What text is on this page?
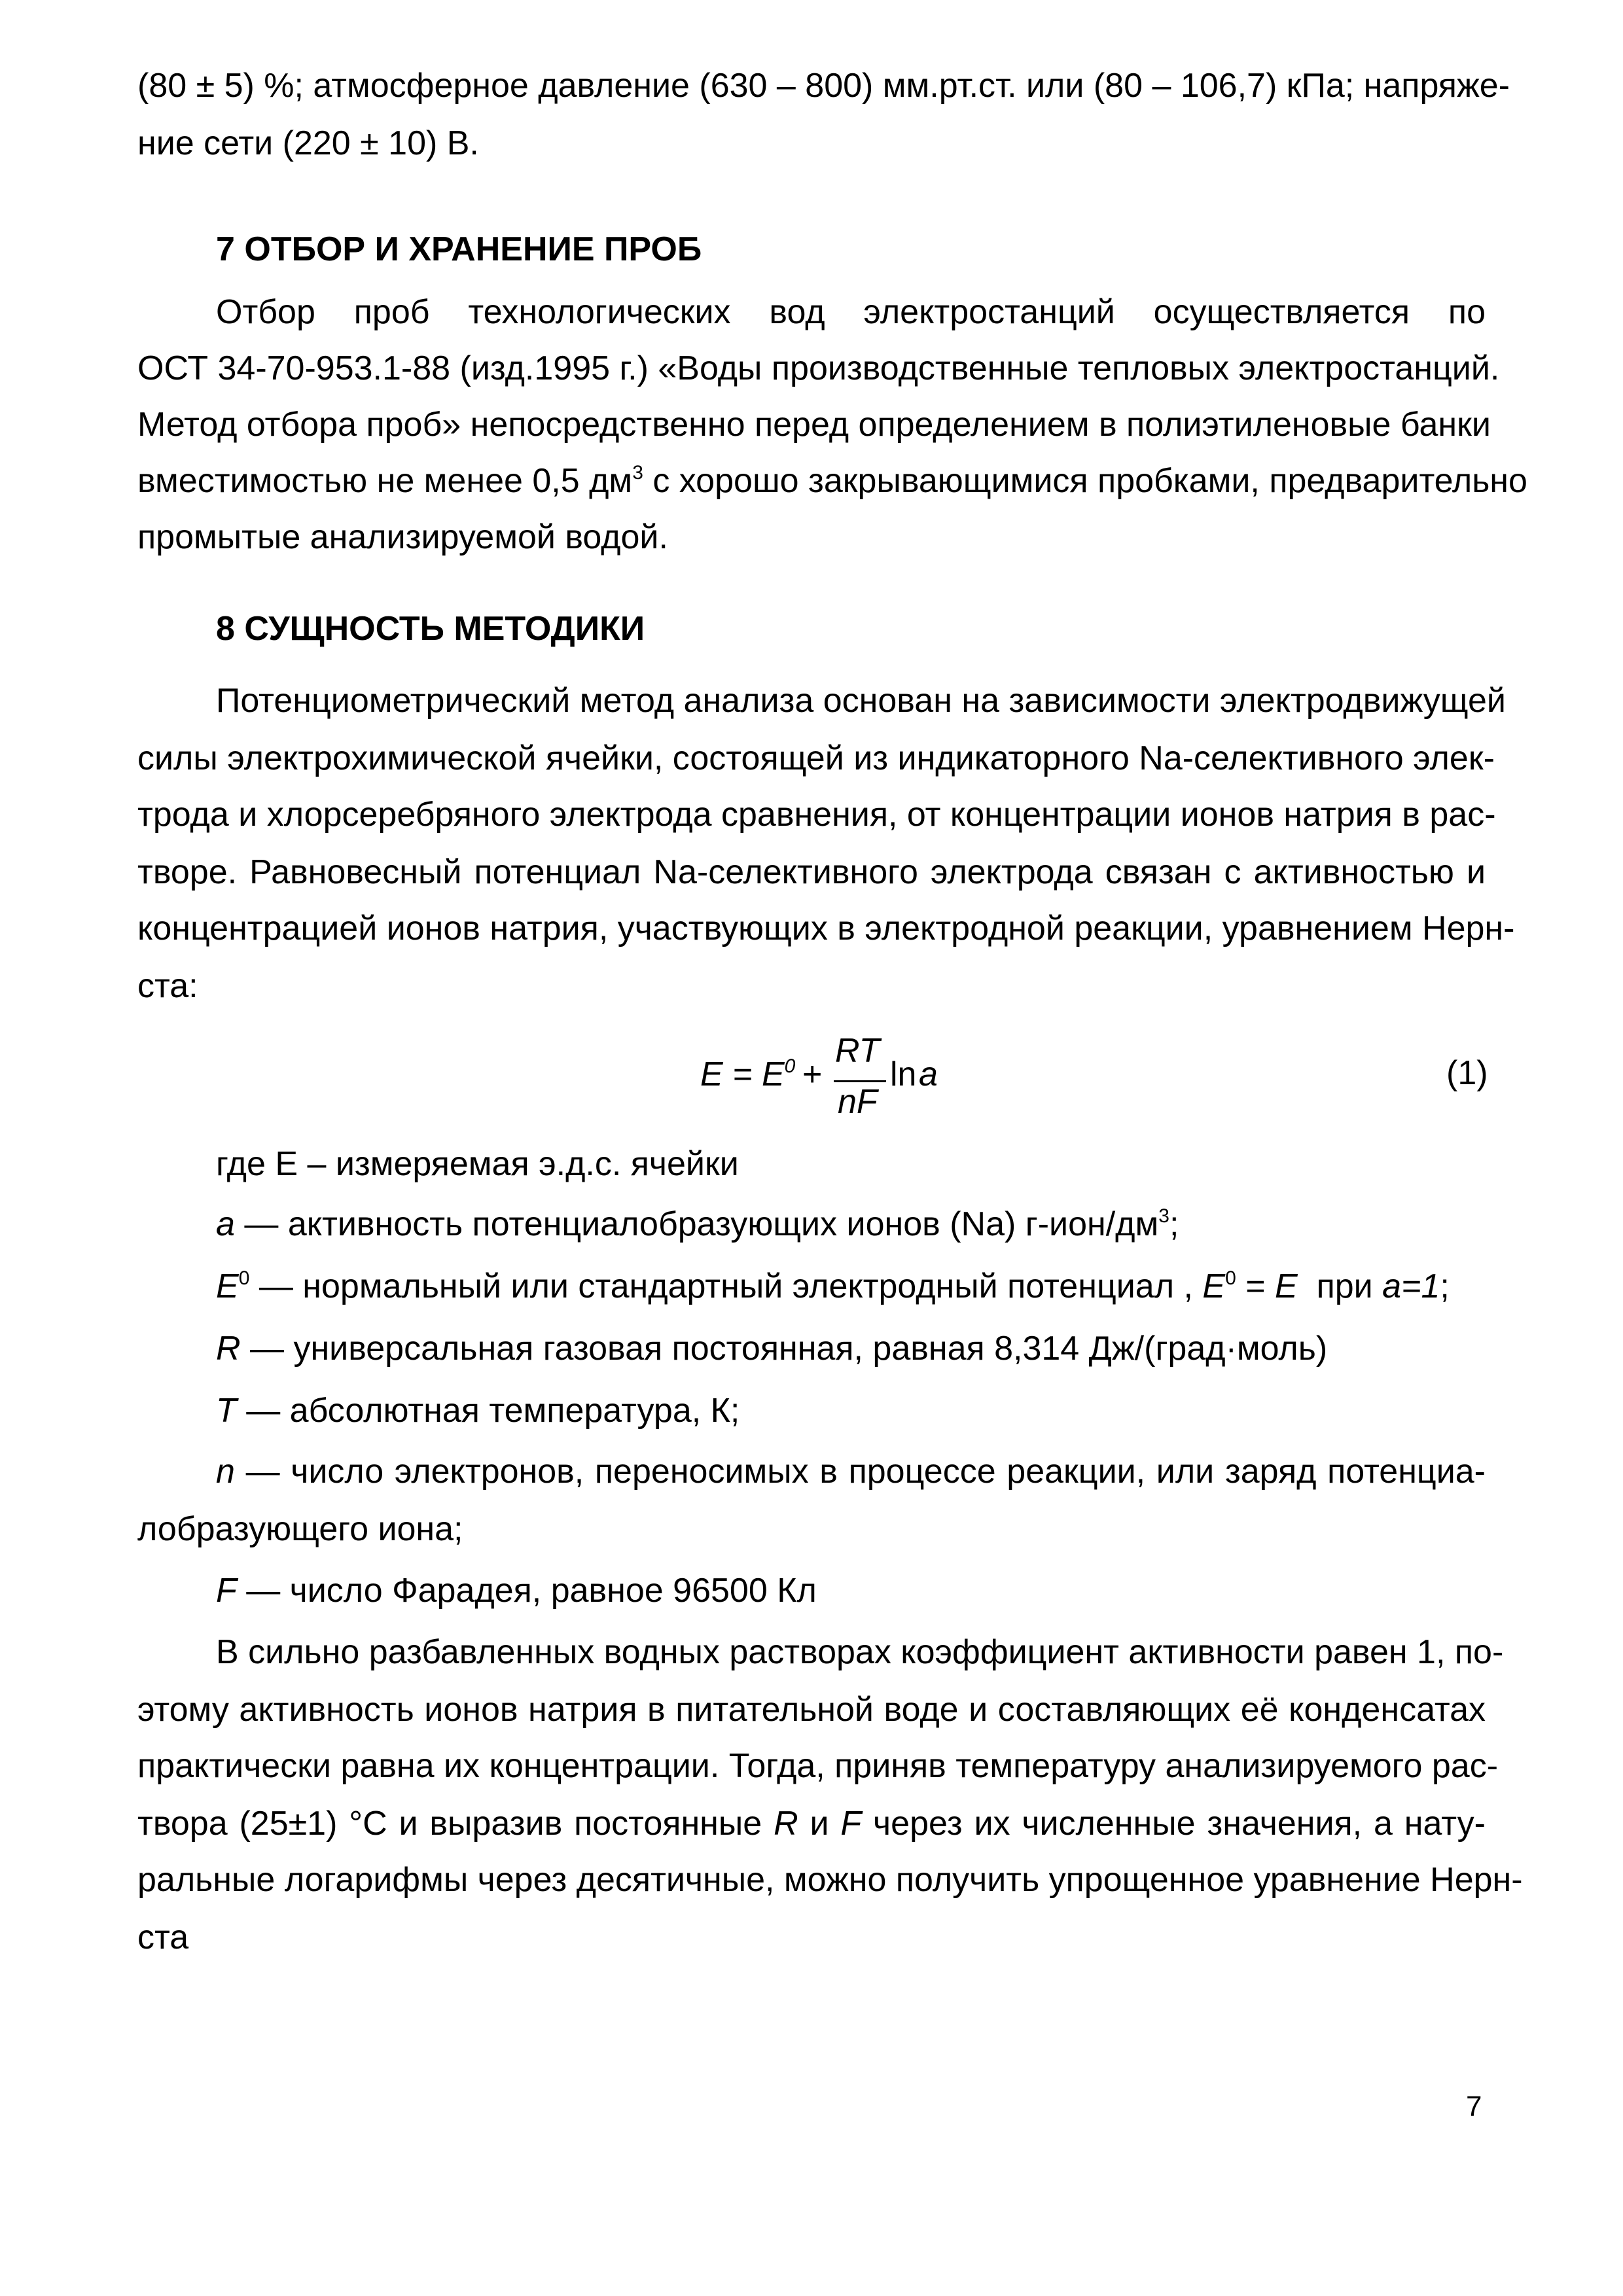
(80 ± 5) %; атмосферное давление (630 – 800) мм.рт.ст. или (80 – 106,7) кПа; напряже-
ние сети (220 ± 10) В.
7 ОТБОР И ХРАНЕНИЕ ПРОБ
Отбор проб технологических вод электростанций осуществляется по
ОСТ 34-70-953.1-88 (изд.1995 г.) «Воды производственные тепловых электростанций.
Метод отбора проб» непосредственно перед определением в полиэтиленовые банки
вместимостью не менее 0,5 $дм^3$ с хорошо закрывающимися пробками, предварительно
промытые анализируемой водой.
8 СУЩНОСТЬ МЕТОДИКИ
Потенциометрический метод анализа основан на зависимости электродвижущей
силы электрохимической ячейки, состоящей из индикаторного Na-селективного элек-
трода и хлорсеребряного электрода сравнения, от концентрации ионов натрия в рас-
творе. Равновесный потенциал Na-селективного электрода связан с активностью и
концентрацией ионов натрия, участвующих в электродной реакции, уравнением Нерн-
ста:
$E = E^0$ +
RT
nF
ln a	(1)
где Е – измеряемая э.д.с. ячейки
a — активность потенциалобразующих ионов (Na) $г-ион/дм^3$;
$E^0$ — нормальный или стандартный электродный потенциал , $E^0 = E$  при a=1;
R — универсальная газовая постоянная, равная 8,314 Дж/(град·моль)
T — абсолютная температура, К;
n — число электронов, переносимых в процессе реакции, или заряд потенциа-
лобразующего иона;
F — число Фарадея, равное 96500 Кл
В сильно разбавленных водных растворах коэффициент активности равен 1, по-
этому активность ионов натрия в питательной воде и составляющих её конденсатах
практически равна их концентрации. Тогда, приняв температуру анализируемого рас-
твора (25±1) °С и выразив постоянные R и F через их численные значения, а нату-
ральные логарифмы через десятичные, можно получить упрощенное уравнение Нерн-
ста
7
